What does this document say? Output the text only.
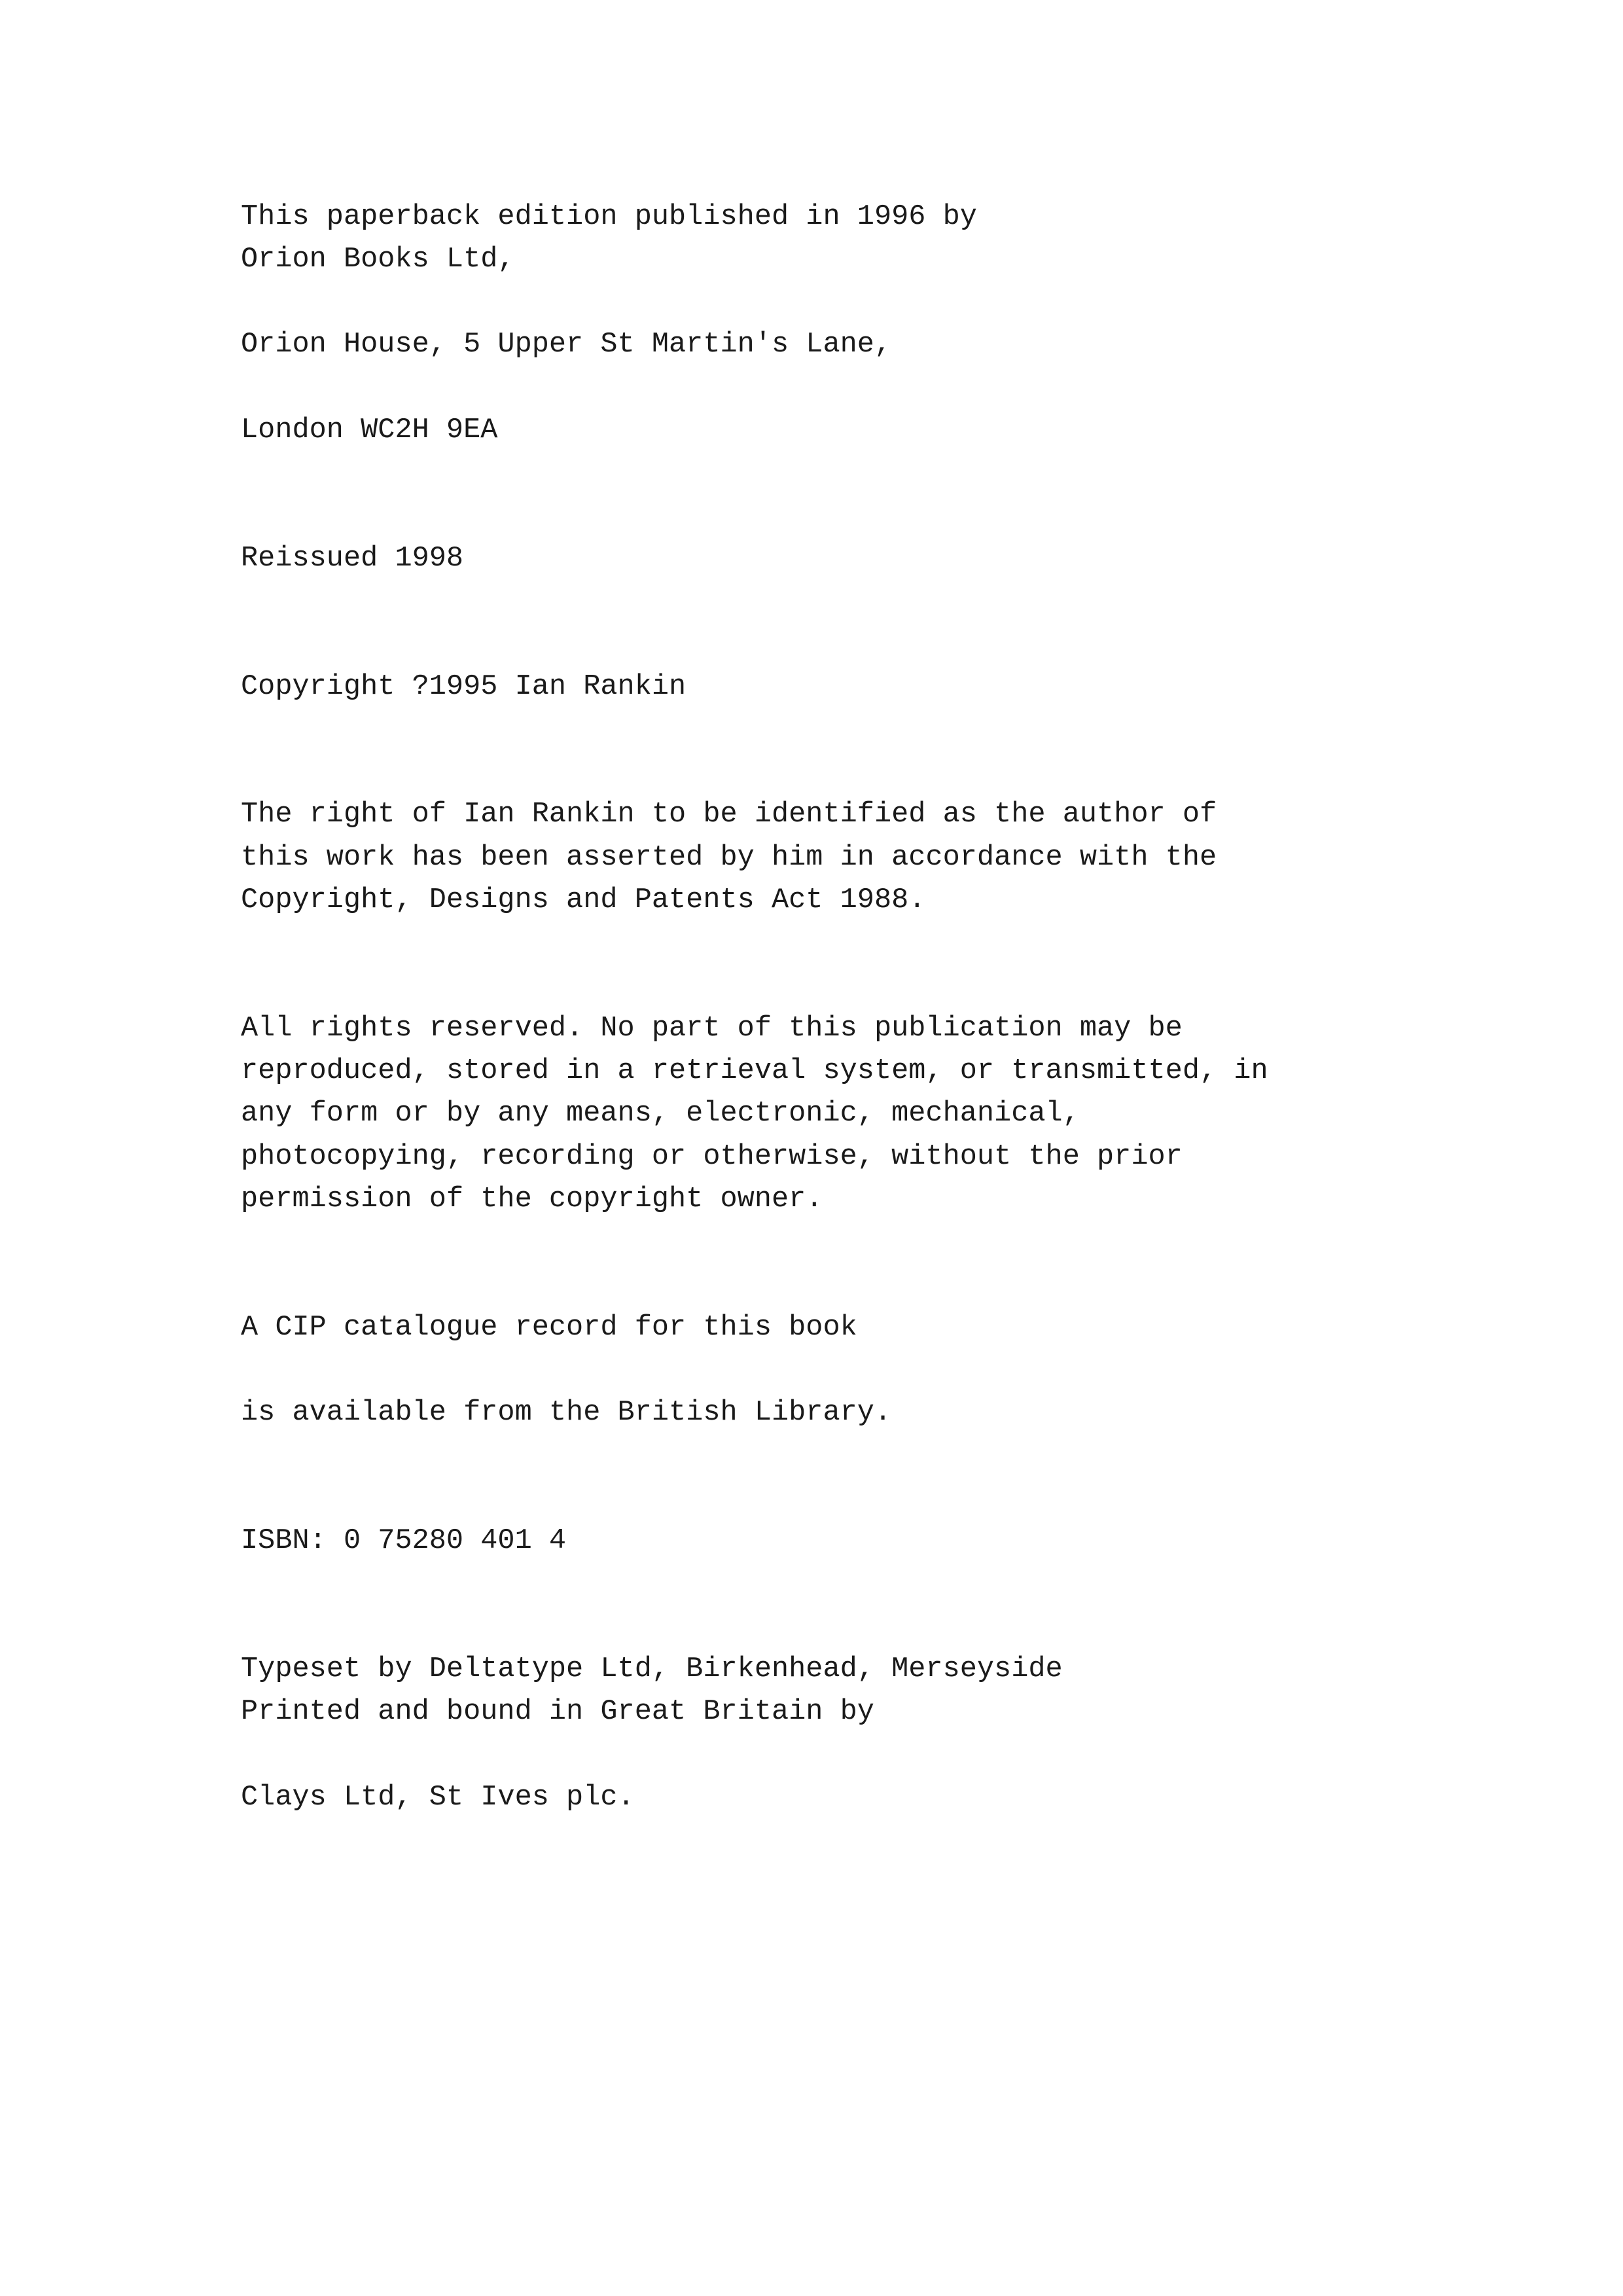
This paperback edition published in 1996 by

Orion Books Ltd,

Orion House, 5 Upper St Martin's Lane,

London WC2H 9EA

Reissued 1998

Copyright ?1995 Ian Rankin

The right of Ian Rankin to be identified as the author of

this work has been asserted by him in accordance with the

Copyright, Designs and Patents Act 1988.

All rights reserved. No part of this publication may be

reproduced, stored in a retrieval system, or transmitted, in

any form or by any means, electronic, mechanical,

photocopying, recording or otherwise, without the prior

permission of the copyright owner.

A CIP catalogue record for this book

is available from the British Library.

ISBN: 0 75280 401 4

Typeset by Deltatype Ltd, Birkenhead, Merseyside

Printed and bound in Great Britain by

Clays Ltd, St Ives plc.
